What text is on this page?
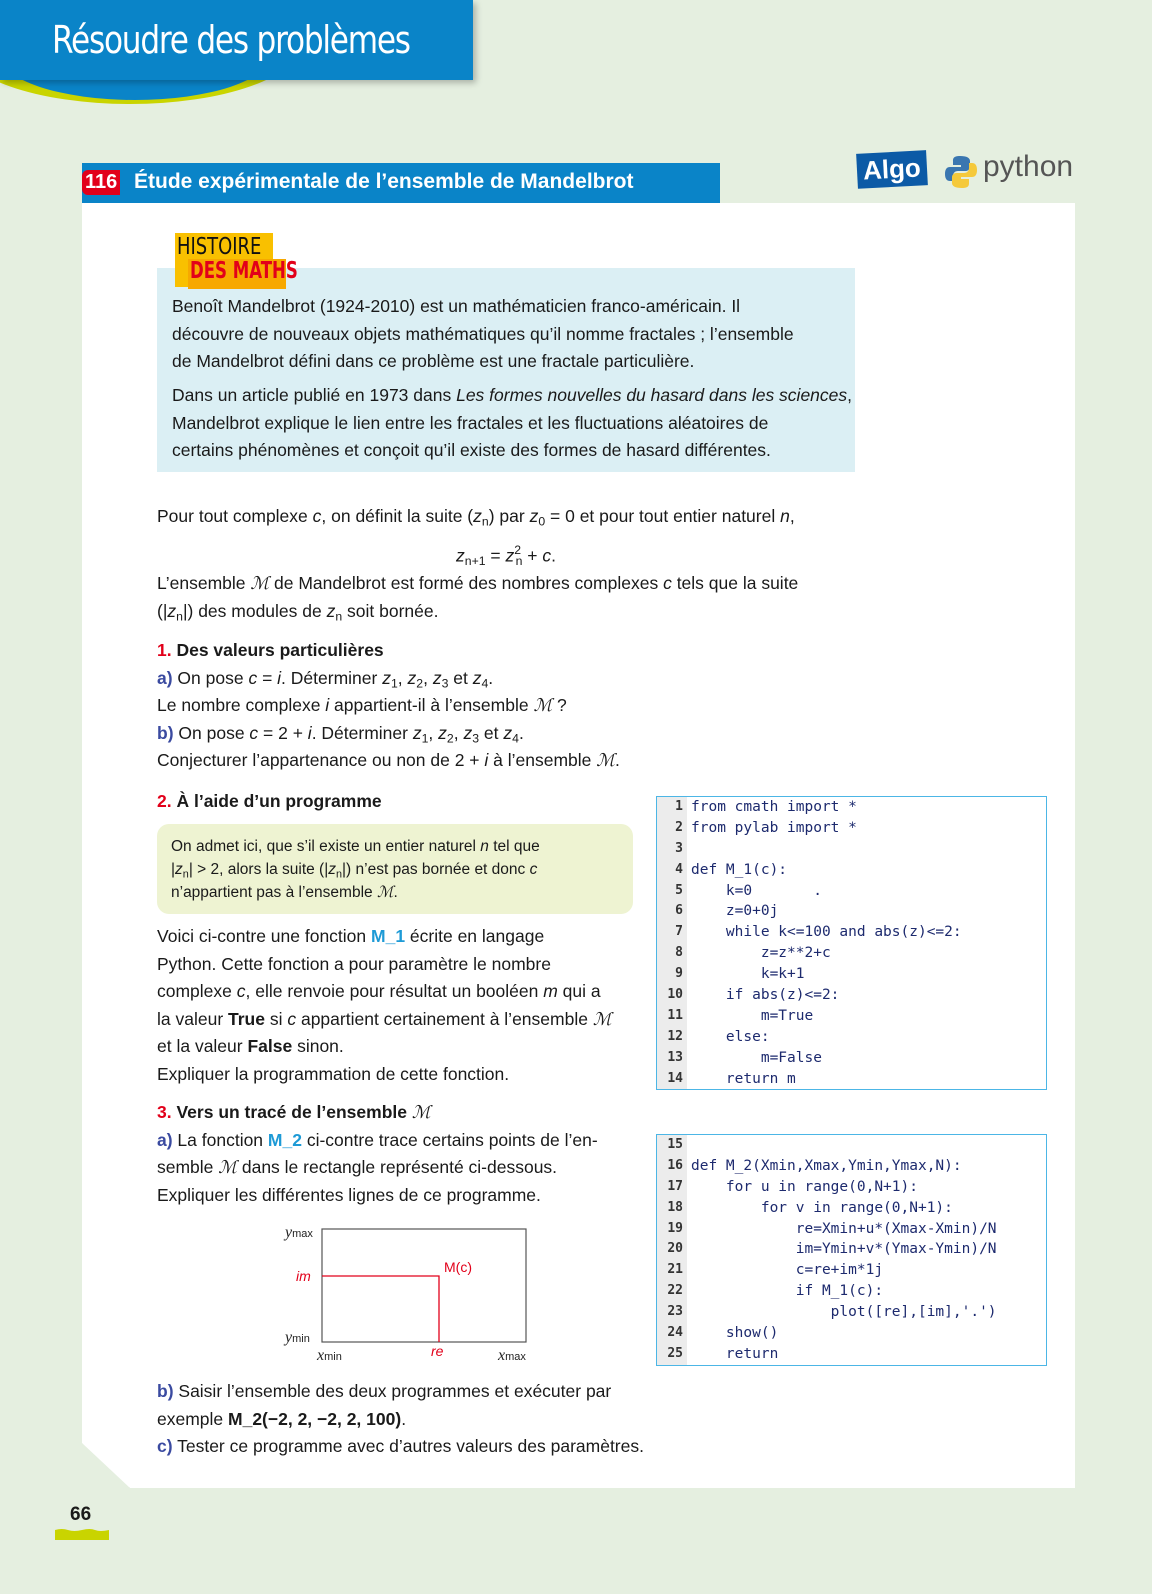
Résoudre des problèmes
116 Étude expérimentale de l’ensemble de Mandelbrot	Algo python
HISTOIRE
DES MATHS
Benoît Mandelbrot (1924-2010) est un mathématicien franco-américain. Il
découvre de nouveaux objets mathématiques qu’il nomme fractales ; l’ensemble
de Mandelbrot défini dans ce problème est une fractale particulière.
Dans un article publié en 1973 dans Les formes nouvelles du hasard dans les sciences,
Mandelbrot explique le lien entre les fractales et les fluctuations aléatoires de
certains phénomènes et conçoit qu’il existe des formes de hasard différentes.
Pour tout complexe c, on définit la suite $(z_n)$ par $z_0 = 0$ et pour tout entier naturel n,
$z_{n+1} = z^2_n + c$.
L’ensemble ℳ de Mandelbrot est formé des nombres complexes c tels que la suite
$(|z_n|)$ des modules de $z_n$ soit bornée.
1. Des valeurs particulières
a) On pose c = i. Déterminer $z_1$, $z_2$, $z_3$ et $z_4$.
Le nombre complexe i appartient-il à l’ensemble ℳ ?
b) On pose c = 2 + i. Déterminer $z_1$, $z_2$, $z_3$ et $z_4$.
Conjecturer l’appartenance ou non de 2 + i à l’ensemble ℳ.
2. À l’aide d’un programme
On admet ici, que s’il existe un entier naturel n tel que
$|z_n| > 2$, alors la suite $(|z_n|)$ n’est pas bornée et donc c
n’appartient pas à l’ensemble ℳ.
Voici ci-contre une fonction M_1 écrite en langage
Python. Cette fonction a pour paramètre le nombre
complexe c, elle renvoie pour résultat un booléen m qui a
la valeur True si c appartient certainement à l’ensemble ℳ
et la valeur False sinon.
Expliquer la programmation de cette fonction.
3. Vers un tracé de l’ensemble ℳ
a) La fonction M_2 ci-contre trace certains points de l’en-
semble ℳ dans le rectangle représenté ci-dessous.
Expliquer les différentes lignes de ce programme.
ymax
ymin
xmin	xmax
im
re
M(c)
b) Saisir l’ensemble des deux programmes et exécuter par
exemple M_2(−2, 2, −2, 2, 100).
c) Tester ce programme avec d’autres valeurs des paramètres.
1 from cmath import *
2 from pylab import *
3
4 def M_1(c):
5 k=0       .
6 z=0+0j
7 while k<=100 and abs(z)<=2:
8 z=z**2+c
9 k=k+1
10 if abs(z)<=2:
11 m=True
12 else:
13 m=False
14 return m
15
16 def M_2(Xmin,Xmax,Ymin,Ymax,N):
17 for u in range(0,N+1):
18 for v in range(0,N+1):
19 re=Xmin+u*(Xmax-Xmin)/N
20 im=Ymin+v*(Ymax-Ymin)/N
21 c=re+im*1j
22 if M_1(c):
23 plot([re],[im],'.')
24 show()
25 return
66
